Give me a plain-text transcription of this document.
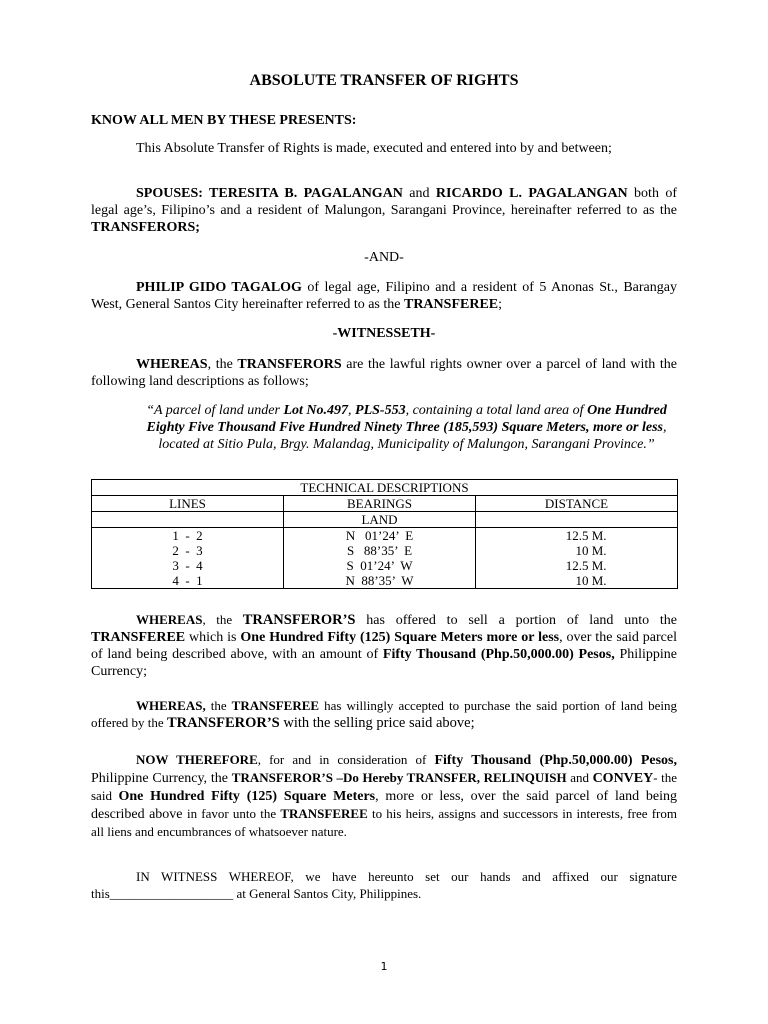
ABSOLUTE TRANSFER OF RIGHTS

KNOW ALL MEN BY THESE PRESENTS:

This Absolute Transfer of Rights is made, executed and entered into by and between;

SPOUSES: TERESITA B. PAGALANGAN and RICARDO L. PAGALANGAN both of legal age’s, Filipino’s and a resident of Malungon, Sarangani Province, hereinafter referred to as the TRANSFERORS;

-AND-

PHILIP GIDO TAGALOG of legal age, Filipino and a resident of 5 Anonas St., Barangay West, General Santos City hereinafter referred to as the TRANSFEREE;

-WITNESSETH-

WHEREAS, the TRANSFERORS are the lawful rights owner over a parcel of land with the following land descriptions as follows;

“A parcel of land under Lot No.497, PLS-553, containing a total land area of One Hundred Eighty Five Thousand Five Hundred Ninety Three (185,593) Square Meters, more or less, located at Sitio Pula, Brgy. Malandag, Municipality of Malungon, Sarangani Province.”

TECHNICAL DESCRIPTIONS		
LINES	BEARINGS	DISTANCE
	LAND	
1  -  2	N   01’24’  E	12.5 M.
2  -  3	S   88’35’  E	10 M.
3  -  4	S  01’24’  W	12.5 M.
4  -  1	N  88’35’  W	10 M.

WHEREAS, the TRANSFEROR’S has offered to sell a portion of land unto the TRANSFEREE which is One Hundred Fifty (125) Square Meters more or less, over the said parcel of land being described above, with an amount of Fifty Thousand (Php.50,000.00) Pesos, Philippine Currency;

WHEREAS, the TRANSFEREE has willingly accepted to purchase the said portion of land being offered by the TRANSFEROR’S with the selling price said above;

NOW THEREFORE, for and in consideration of Fifty Thousand (Php.50,000.00) Pesos, Philippine Currency, the TRANSFEROR’S –Do Hereby TRANSFER, RELINQUISH and CONVEY- the said One Hundred Fifty (125) Square Meters, more or less, over the said parcel of land being described above in favor unto the TRANSFEREE to his heirs, assigns and successors in interests, free from all liens and encumbrances of whatsoever nature.

IN WITNESS WHEREOF, we have hereunto set our hands and affixed our signature this___________________ at General Santos City, Philippines.

1
